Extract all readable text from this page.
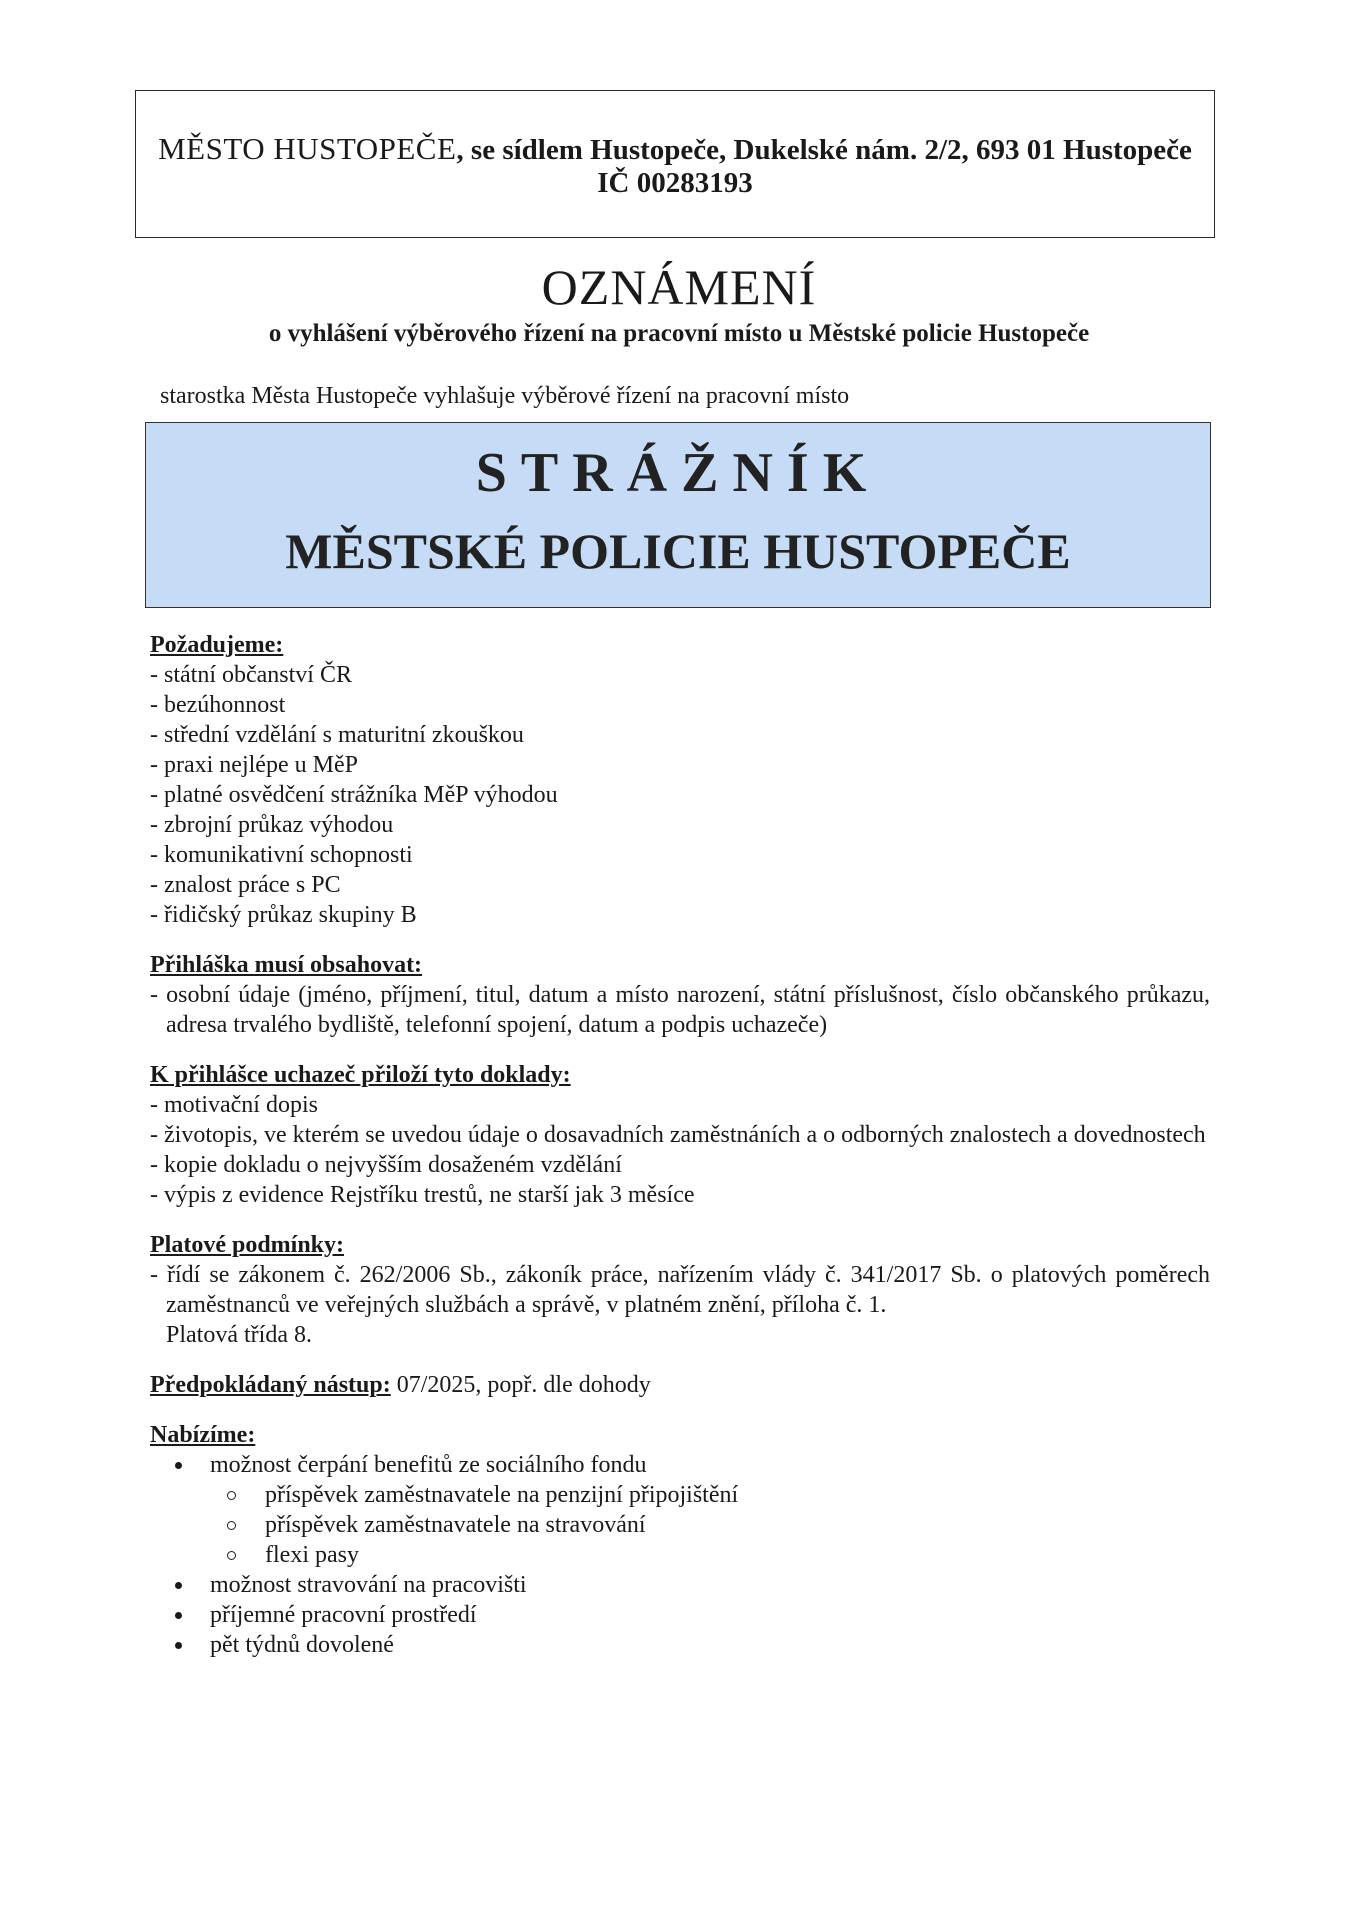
MĚSTO HUSTOPEČE, se sídlem Hustopeče, Dukelské nám. 2/2, 693 01 Hustopeče
IČ 00283193
OZNÁMENÍ
o vyhlášení výběrového řízení na pracovní místo u Městské policie Hustopeče
starostka Města Hustopeče vyhlašuje výběrové řízení na pracovní místo
STRÁŽNÍK
MĚSTSKÉ POLICIE HUSTOPEČE
Požadujeme:
- státní občanství ČR
- bezúhonnost
- střední vzdělání s maturitní zkouškou
- praxi nejlépe u MěP
- platné osvědčení strážníka MěP výhodou
- zbrojní průkaz výhodou
- komunikativní schopnosti
- znalost práce s PC
- řidičský průkaz skupiny B
Přihláška musí obsahovat:
- osobní údaje (jméno, příjmení, titul, datum a místo narození, státní příslušnost, číslo občanského průkazu, adresa trvalého bydliště, telefonní spojení, datum a podpis uchazeče)
K přihlášce uchazeč přiloží tyto doklady:
- motivační dopis
- životopis, ve kterém se uvedou údaje o dosavadních zaměstnáních a o odborných znalostech a dovednostech
- kopie dokladu o nejvyšším dosaženém vzdělání
- výpis z evidence Rejstříku trestů, ne starší jak 3 měsíce
Platové podmínky:
- řídí se zákonem č. 262/2006 Sb., zákoník práce, nařízením vlády č. 341/2017 Sb. o platových poměrech zaměstnanců ve veřejných službách a správě, v platném znění, příloha č. 1.
Platová třída 8.
Předpokládaný nástup: 07/2025, popř. dle dohody
Nabízíme:
možnost čerpání benefitů ze sociálního fondu
příspěvek zaměstnavatele na penzijní připojištění
příspěvek zaměstnavatele na stravování
flexi pasy
možnost stravování na pracovišti
příjemné pracovní prostředí
pět týdnů dovolené
